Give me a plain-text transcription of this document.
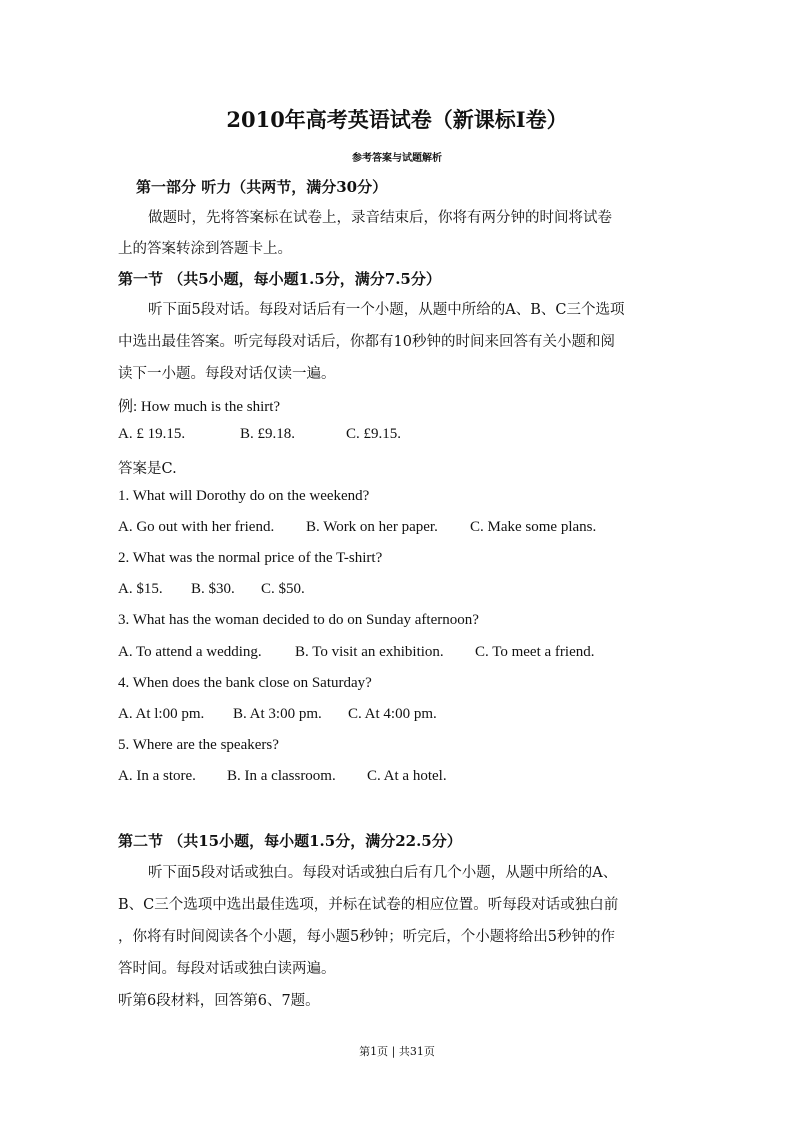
2010年高考英语试卷（新课标I卷）
参考答案与试题解析
第一部分 听力（共两节，满分30分）
做题时，先将答案标在试卷上，录音结束后，你将有两分钟的时间将试卷
上的答案转涂到答题卡上。
第一节 （共5小题，每小题1.5分，满分7.5分）
听下面5段对话。每段对话后有一个小题，从题中所给的A、B、C三个选项
中选出最佳答案。听完每段对话后，你都有10秒钟的时间来回答有关小题和阅
读下一小题。每段对话仅读一遍。
例: How much is the shirt?
A. £ 19.15.	B. £9.18.	C. £9.15.
答案是C.
1. What will Dorothy do on the weekend?
A. Go out with her friend. B. Work on her paper. C. Make some plans.
2. What was the normal price of the T-shirt?
A. $15. B. $30. C. $50.
3. What has the woman decided to do on Sunday afternoon?
A. To attend a wedding. B. To visit an exhibition. C. To meet a friend.
4. When does the bank close on Saturday?
A. At l:00 pm. B. At 3:00 pm. C. At 4:00 pm.
5. Where are the speakers?
A. In a store. B. In a classroom. C. At a hotel.
第二节 （共15小题，每小题1.5分，满分22.5分）
听下面5段对话或独白。每段对话或独白后有几个小题，从题中所给的A、
B、C三个选项中选出最佳选项，并标在试卷的相应位置。听每段对话或独白前
，你将有时间阅读各个小题，每小题5秒钟；听完后，个小题将给出5秒钟的作
答时间。每段对话或独白读两遍。
听第6段材料，回答第6、7题。
第1页 | 共31页
